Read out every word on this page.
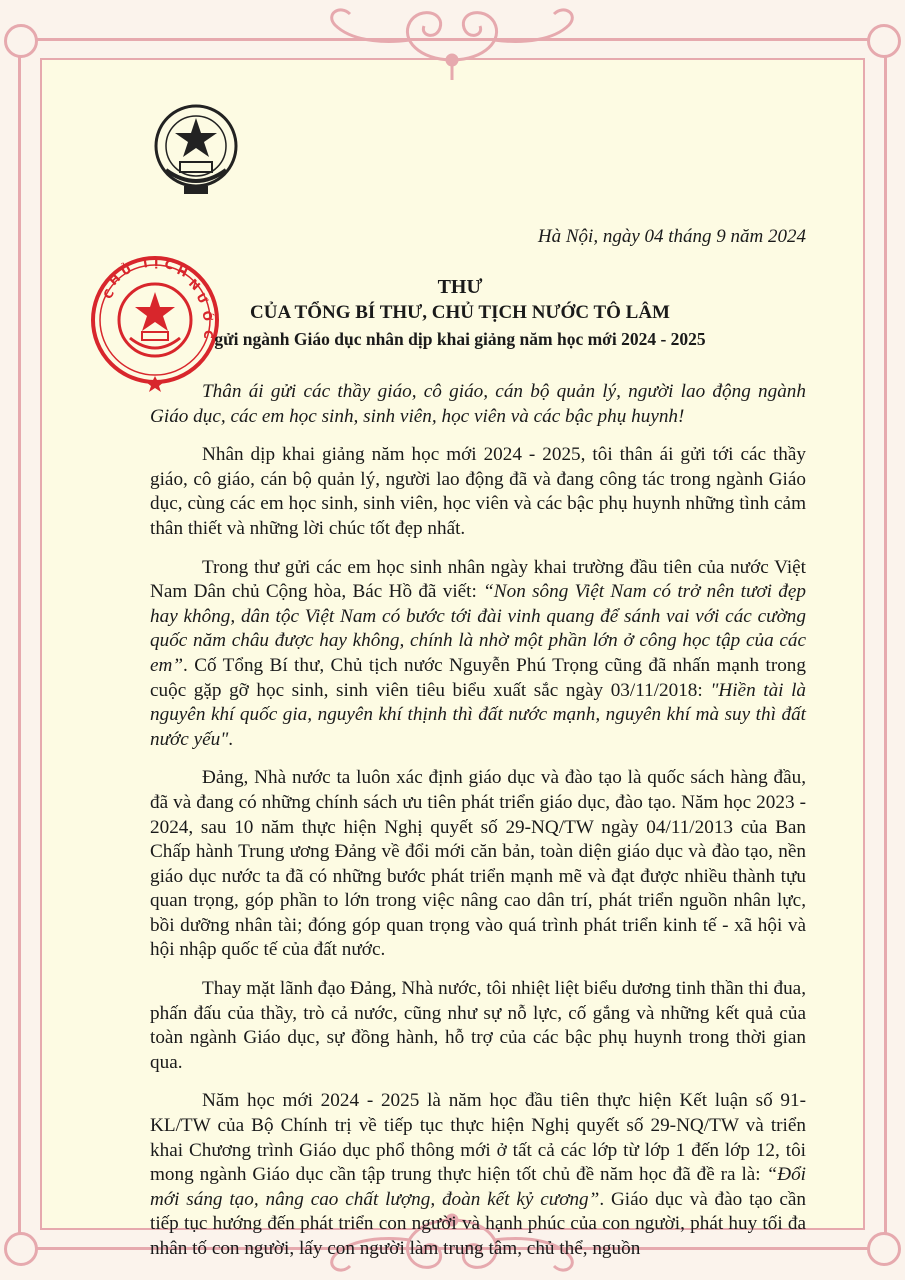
C
H
Ủ T Ị C H
N
Ư
Ớ
C
Hà Nội, ngày 04 tháng 9 năm 2024
THƯ
CỦA TỔNG BÍ THƯ, CHỦ TỊCH NƯỚC TÔ LÂM
gửi ngành Giáo dục nhân dịp khai giảng năm học mới 2024 - 2025

Thân ái gửi các thầy giáo, cô giáo, cán bộ quản lý, người lao động ngành Giáo dục, các em học sinh, sinh viên, học viên và các bậc phụ huynh!

Nhân dịp khai giảng năm học mới 2024 - 2025, tôi thân ái gửi tới các thầy giáo, cô giáo, cán bộ quản lý, người lao động đã và đang công tác trong ngành Giáo dục, cùng các em học sinh, sinh viên, học viên và các bậc phụ huynh những tình cảm thân thiết và những lời chúc tốt đẹp nhất.

Trong thư gửi các em học sinh nhân ngày khai trường đầu tiên của nước Việt Nam Dân chủ Cộng hòa, Bác Hồ đã viết: “Non sông Việt Nam có trở nên tươi đẹp hay không, dân tộc Việt Nam có bước tới đài vinh quang để sánh vai với các cường quốc năm châu được hay không, chính là nhờ một phần lớn ở công học tập của các em”. Cố Tổng Bí thư, Chủ tịch nước Nguyễn Phú Trọng cũng đã nhấn mạnh trong cuộc gặp gỡ học sinh, sinh viên tiêu biểu xuất sắc ngày 03/11/2018: "Hiền tài là nguyên khí quốc gia, nguyên khí thịnh thì đất nước mạnh, nguyên khí mà suy thì đất nước yếu".

Đảng, Nhà nước ta luôn xác định giáo dục và đào tạo là quốc sách hàng đầu, đã và đang có những chính sách ưu tiên phát triển giáo dục, đào tạo. Năm học 2023 - 2024, sau 10 năm thực hiện Nghị quyết số 29-NQ/TW ngày 04/11/2013 của Ban Chấp hành Trung ương Đảng về đổi mới căn bản, toàn diện giáo dục và đào tạo, nền giáo dục nước ta đã có những bước phát triển mạnh mẽ và đạt được nhiều thành tựu quan trọng, góp phần to lớn trong việc nâng cao dân trí, phát triển nguồn nhân lực, bồi dưỡng nhân tài; đóng góp quan trọng vào quá trình phát triển kinh tế - xã hội và hội nhập quốc tế của đất nước.

Thay mặt lãnh đạo Đảng, Nhà nước, tôi nhiệt liệt biểu dương tinh thần thi đua, phấn đấu của thầy, trò cả nước, cũng như sự nỗ lực, cố gắng và những kết quả của toàn ngành Giáo dục, sự đồng hành, hỗ trợ của các bậc phụ huynh trong thời gian qua.

Năm học mới 2024 - 2025 là năm học đầu tiên thực hiện Kết luận số 91-KL/TW của Bộ Chính trị về tiếp tục thực hiện Nghị quyết số 29-NQ/TW và triển khai Chương trình Giáo dục phổ thông mới ở tất cả các lớp từ lớp 1 đến lớp 12, tôi mong ngành Giáo dục cần tập trung thực hiện tốt chủ đề năm học đã đề ra là: “Đổi mới sáng tạo, nâng cao chất lượng, đoàn kết kỷ cương”. Giáo dục và đào tạo cần tiếp tục hướng đến phát triển con người và hạnh phúc của con người, phát huy tối đa nhân tố con người, lấy con người làm trung tâm, chủ thể, nguồn
